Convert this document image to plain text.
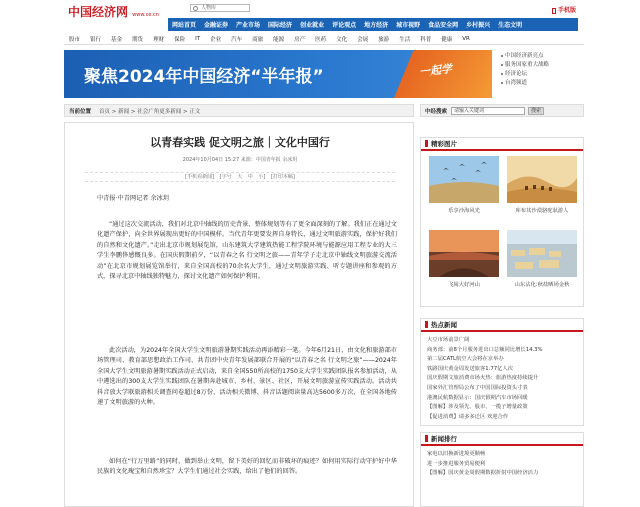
中国经济网 www.ce.cn
人物库	手机版
网站首页	金融证券	产业市场	国际经济	创业就业	评论观点	地方经济	城市视野	食品安全网	乡村振兴	生态文明
股市	银行	基金	期货	理财	保险	IT	企业	汽车	商旅	能源	房产	医药	文化	会展	旅游	生活	科普	健康	VR
聚焦2024年中国经济“半年报”	一起学
中国经济新亮点
服务国家重大战略
经济论坛
台湾频道
当前位置 首页 > 新闻 > 社会广角更多新闻 > 正文	中经搜索	请输入关键词	搜索
以青春实践 促文明之旅｜文化中国行
2024年10月04日 15:27 来源：中国青年报 余冰玥
[手机看新闻] [字号 大 中 小] [打印本稿]
中青报·中青网记者 余冰玥
“通过这次交流活动，我们对北京中轴线的历史背景、整体规划等有了更全面深刻的了解。我们正在通过文化遗产保护，向全世界展现出更好的中国模样。当代青年更要发挥自身特长，通过文明旅游实践，保护好我们的自然和文化遗产。”走出北京市规划展览馆，山东建筑大学建筑热能工程学院环境与能源应用工程专业的大三学生李鹏侈感慨良多。在国庆假期前夕，“以青春之名 行文明之旅——青年学子走北京中轴线文明旅游交流活动”在北京市规划展览馆举行，来自全国高校的70余名大学生，通过文明旅游实践、听专题讲座和参观的方式，探寻北京中轴线独特魅力，探讨文化遗产如何保护利用。
此次活动，为2024年全国大学生文明旅游暑期实践活动再添精彩一笔。今年6月21日，由文化和旅游部市场管理司、教育部思想政治工作司、共青团中央青年发展部联合开展的“以青春之名 行文明之旅”——2024年全国大学生文明旅游暑期实践活动正式启动，来自全国550所高校的1750支大学生实践团队报名参加活动，从中遴选出的300支大学生实践团队在暑期奔赴城市、乡村、景区、社区，开展文明旅游宣传实践活动。活动共抖音放大学联旅游相关调查问卷超过8万份，活动相关微博、抖音话题阅读量高达5600多万次，在全国各地传递了文明旅游的火种。
如何在“行万里路”的同时，做到举止文明，留下美好的回忆而非破坏的痕迹？如何用实际行动守护好中华民族的文化瑰宝和自然珍宝？大学生们通过社会实践，给出了他们的回答。
精彩图片
乐享沙海风光	库布其沙漠骆驼驮游人
飞阅大好河山	山东沾化:秋盐晒场金秋
热点新闻
大豆市场前景广阔
商务部：前8个月服务进出口总额同比增长14.3%
第二届CATL航空大会将在京举办
铁路国庆黄金周发送旅客1.77亿人次
国庆假期文旅消费市场火热：旅游热度持续提升
国家外汇管理局公布了中国国际投资头寸表
港澳民航数据显示：国庆假期汽车市场回暖
【图解】涉及领先、股市、一揽子增量政策
【促进消费】请多多迁区 欢迎合作
新闻排行
家电以旧换新进境更顺畅
进一步推进服务贸易便利
【图解】国庆黄金周假期数据折射中国经济活力
